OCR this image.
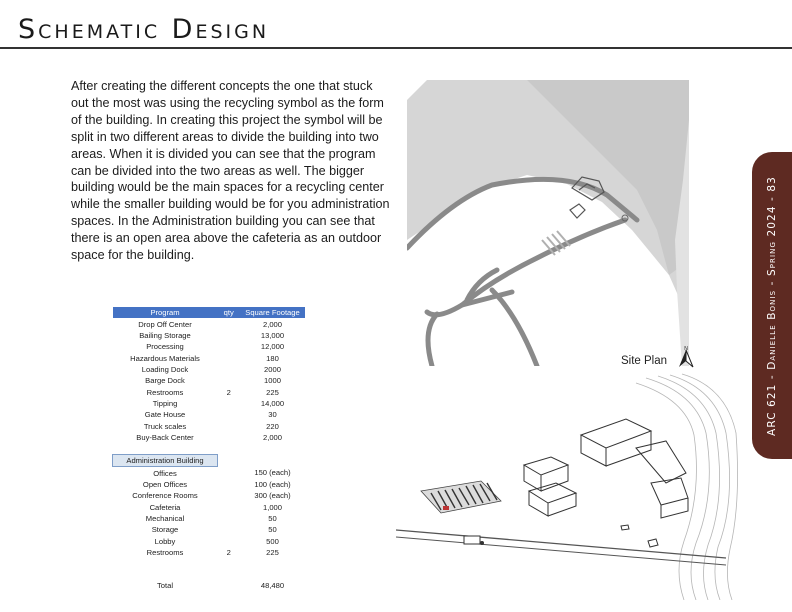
Schematic Design
After creating the different concepts the one that stuck out the most was using the recycling symbol as the form of the building. In creating this project the symbol will be split in two different areas to divide the building into two areas. When it is divided you can see that the program can be divided into the two areas as well. The bigger building would be the main spaces for a recycling center while the smaller building would be for you administration spaces. In the Administration building you can see that there is an open area above the cafeteria as an outdoor space for the building.
Program	qty	Square Footage
Drop Off Center		2,000
Bailing Storage		13,000
Processing		12,000
Hazardous Materials		180
Loading Dock		2000
Barge Dock		1000
Restrooms	2	225
Tipping		14,000
Gate House		30
Truck scales		220
Buy-Back Center		2,000

Administration Building		
Offices		150 (each)
Open Offices		100 (each)
Conference Rooms		300 (each)
Cafeteria		1,000
Mechanical		50
Storage		50
Lobby		500
Restrooms	2	225

Total		48,480
Site Plan
N	ARC 621 - Danielle Bonis - Spring 2024 - 83
